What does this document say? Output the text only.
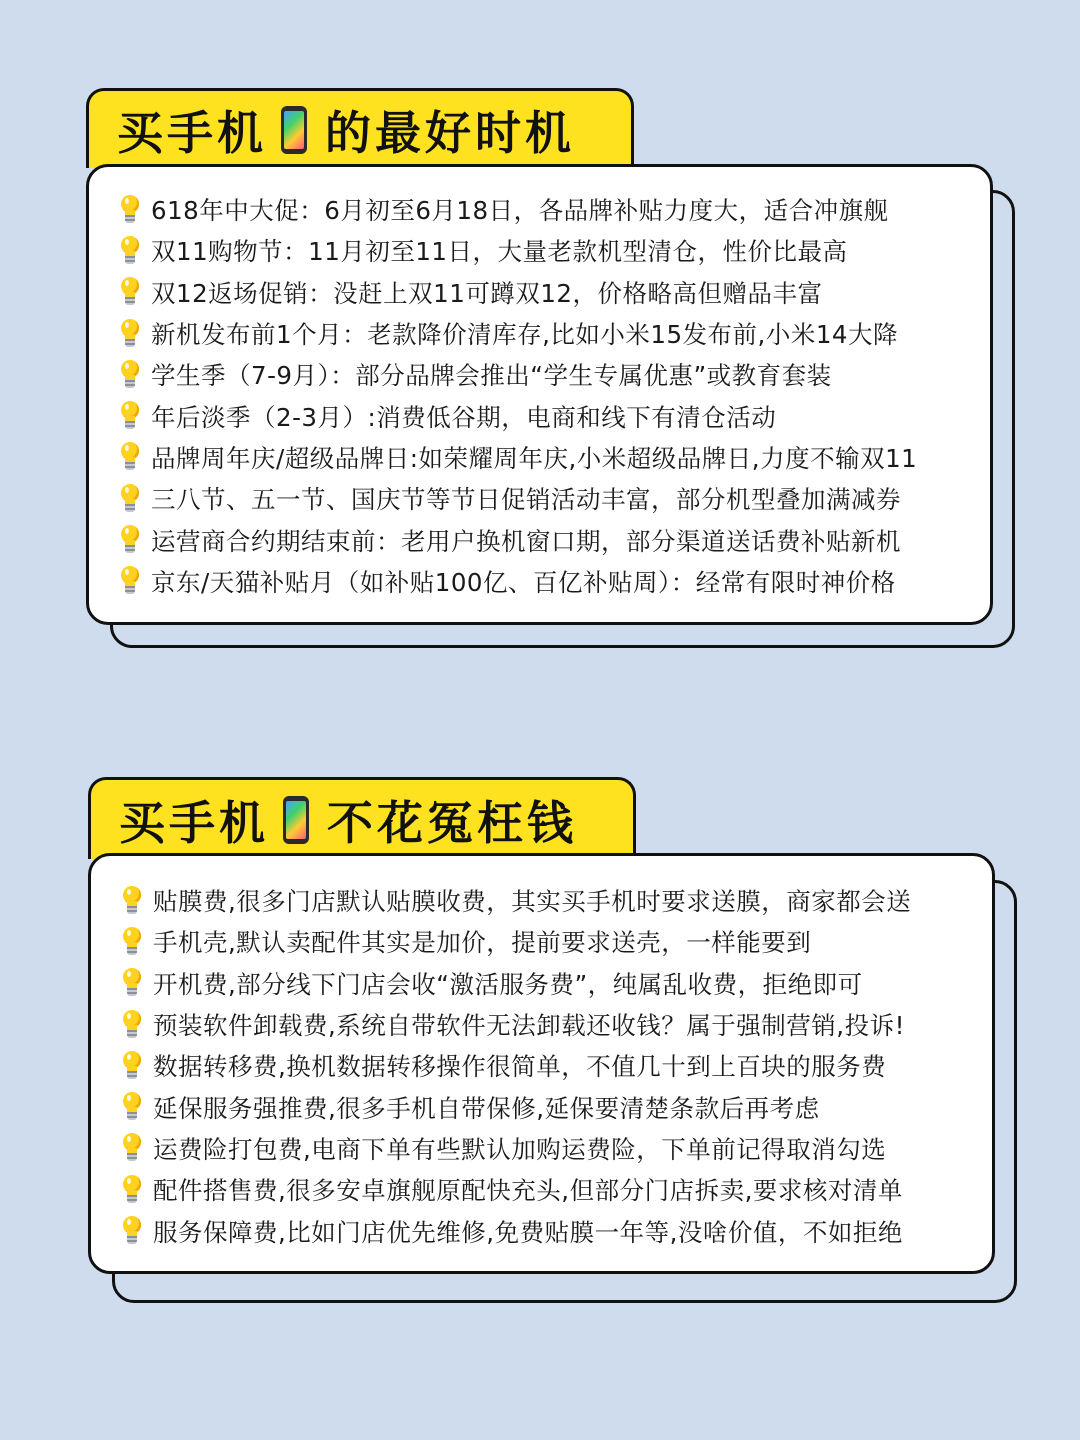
买手机 的最好时机
618年中大促：6月初至6月18日，各品牌补贴力度大，适合冲旗舰
双11购物节：11月初至11日，大量老款机型清仓，性价比最高
双12返场促销：没赶上双11可蹲双12，价格略高但赠品丰富
新机发布前1个月：老款降价清库存,比如小米15发布前,小米14大降
学生季（7-9月）：部分品牌会推出“学生专属优惠”或教育套装
年后淡季（2-3月）:消费低谷期，电商和线下有清仓活动
品牌周年庆/超级品牌日:如荣耀周年庆,小米超级品牌日,力度不输双11
三八节、五一节、国庆节等节日促销活动丰富，部分机型叠加满减券
运营商合约期结束前：老用户换机窗口期，部分渠道送话费补贴新机
京东/天猫补贴月（如补贴100亿、百亿补贴周）：经常有限时神价格
买手机 不花冤枉钱
贴膜费,很多门店默认贴膜收费，其实买手机时要求送膜，商家都会送
手机壳,默认卖配件其实是加价，提前要求送壳，一样能要到
开机费,部分线下门店会收“激活服务费”，纯属乱收费，拒绝即可
预装软件卸载费,系统自带软件无法卸载还收钱？属于强制营销,投诉!
数据转移费,换机数据转移操作很简单，不值几十到上百块的服务费
延保服务强推费,很多手机自带保修,延保要清楚条款后再考虑
运费险打包费,电商下单有些默认加购运费险，下单前记得取消勾选
配件搭售费,很多安卓旗舰原配快充头,但部分门店拆卖,要求核对清单
服务保障费,比如门店优先维修,免费贴膜一年等,没啥价值，不如拒绝
